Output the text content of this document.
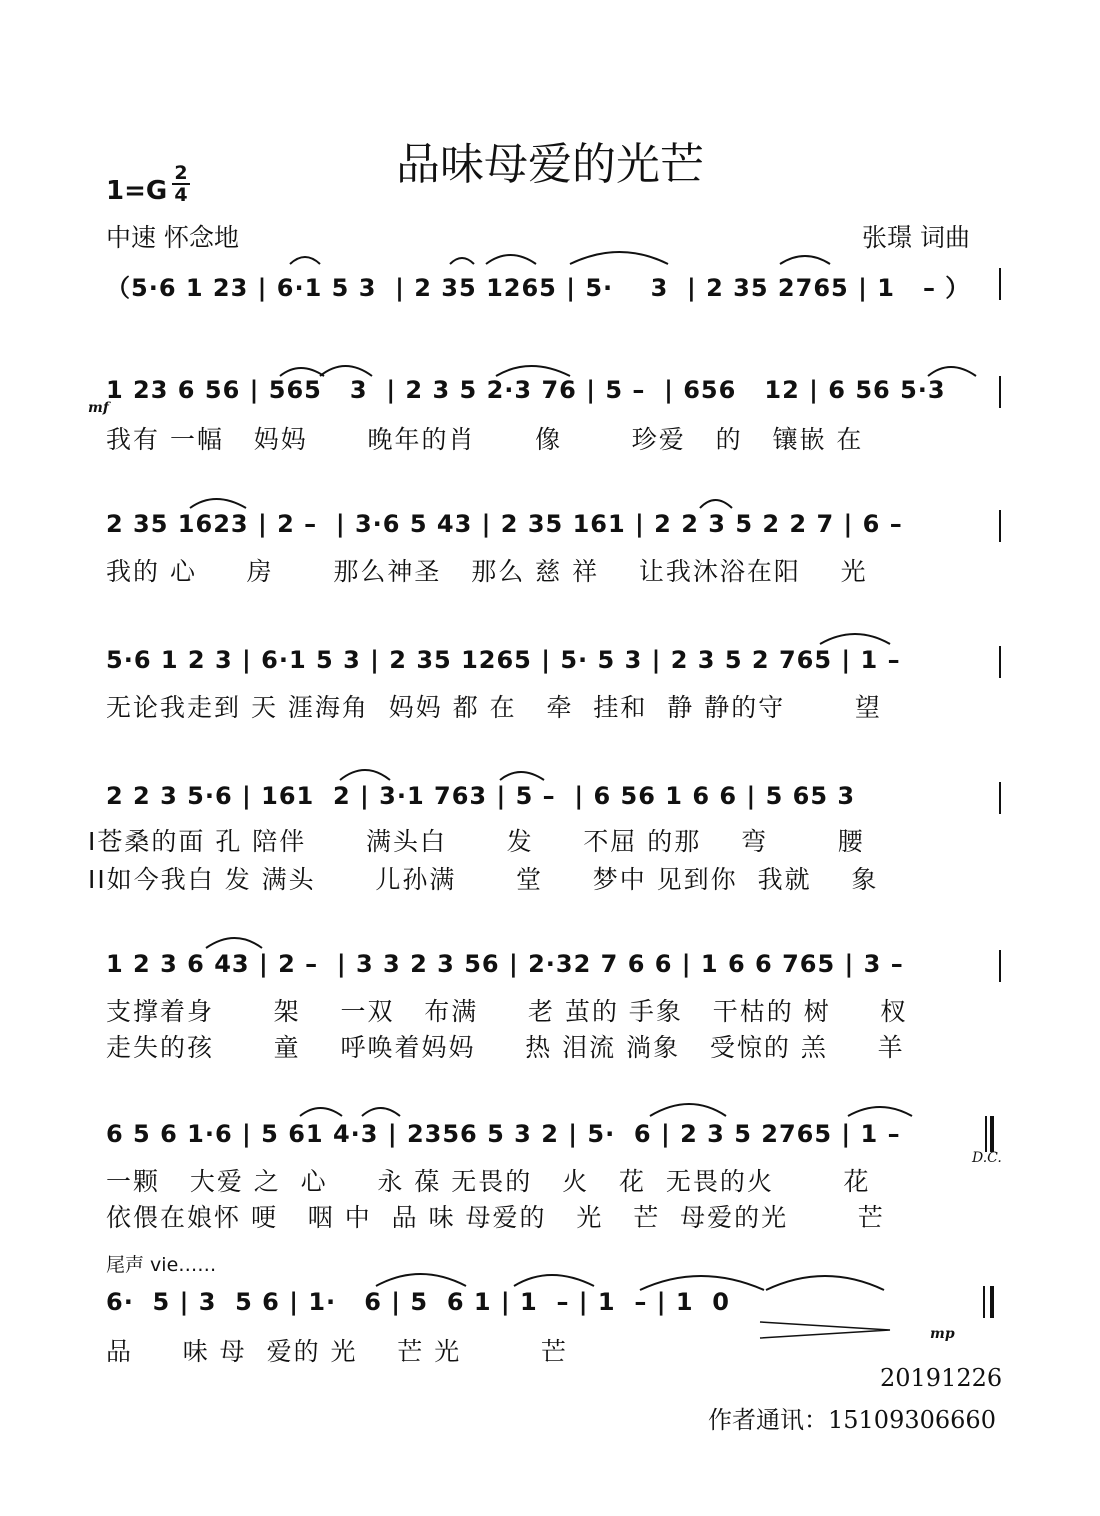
品味母爱的光芒
1=G
2
4
中速 怀念地	张璟 词曲
（5·6 1 23 | 6·1 5 3  | 2 35 1265 | 5·    3  | 2 35 2765 | 1   – ）
mf
1 23 6 56 | 565   3  | 2 3 5 2·3 76 | 5 –  | 656   12 | 6 56 5·3
我有 一幅   妈妈      晚年的肖      像       珍爱   的   镶嵌 在
2 35 1623 | 2 –  | 3·6 5 43 | 2 35 161 | 2 2 3 5 2 2 7 | 6 –
我的 心     房      那么神圣   那么 慈 祥    让我沐浴在阳    光
5·6 1 2 3 | 6·1 5 3 | 2 35 1265 | 5· 5 3 | 2 3 5 2 765 | 1 –
无论我走到 天 涯海角  妈妈 都 在   牵  挂和  静 静的守       望
2 2 3 5·6 | 161  2 | 3·1 763 | 5 –  | 6 56 1 6 6 | 5 65 3
I苍桑的面 孔 陪伴      满头白      发     不屈 的那    弯       腰
II如今我白 发 满头      儿孙满      堂     梦中 见到你  我就    象
1 2 3 6 43 | 2 –  | 3 3 2 3 56 | 2·32 7 6 6 | 1 6 6 765 | 3 –
支撑着身      架    一双   布满     老 茧的 手象   干枯的 树     杈
走失的孩      童    呼唤着妈妈     热 泪流 淌象   受惊的 羔     羊
6 5 6 1·6 | 5 61 4·3 | 2356 5 3 2 | 5·  6 | 2 3 5 2765 | 1 –
一颗   大爱 之  心     永 葆 无畏的   火   花  无畏的火       花
依偎在娘怀 哽   咽 中  品 味 母爱的   光   芒  母爱的光       芒
D.C.
尾声 vie……
6·  5 | 3  5 6 | 1·   6 | 5  6 1 | 1  – | 1  – | 1  0
品     味 母  爱的 光    芒 光        芒
mp
20191226
作者通讯：15109306660
